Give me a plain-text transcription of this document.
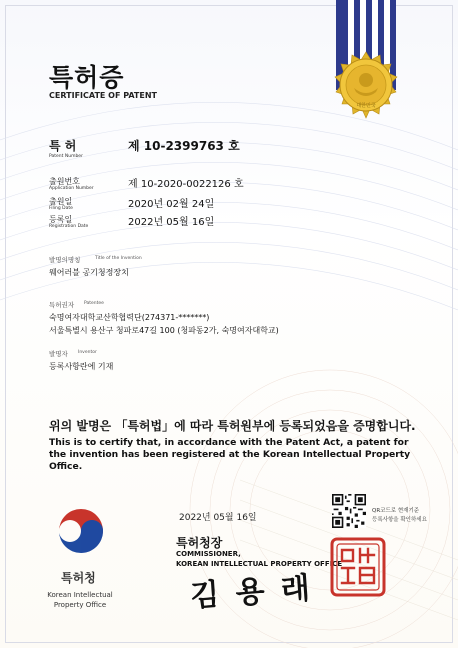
대한민국
특허증
CERTIFICATE OF PATENT
특 허
Patent Number
제 10-2399763 호
출원번호
Application Number	제 10-2020-0022126 호
출원일
Filing Date	2020년 02월 24일
등록일
Registration Date	2022년 05월 16일
발명의명칭	Title of the Invention
웨어러블 공기청정장치
특허권자 Patentee
숙명여자대학교산학협력단(274371-*******)
서울특별시 용산구 청파로47길 100 (청파동2가, 숙명여자대학교)
발명자 Inventor
등록사항란에 기재
위의 발명은 「특허법」에 따라 특허원부에 등록되었음을 증명합니다.
This is to certify that, in accordance with the Patent Act, a patent for the invention has been registered at the Korean Intellectual Property Office.
2022년 05월 16일
QR코드로 현재기준
등록사항을 확인하세요
특허청장
COMMISSIONER,
KOREAN INTELLECTUAL PROPERTY OFFICE
김 용 래
특허청
Korean Intellectual
Property Office
